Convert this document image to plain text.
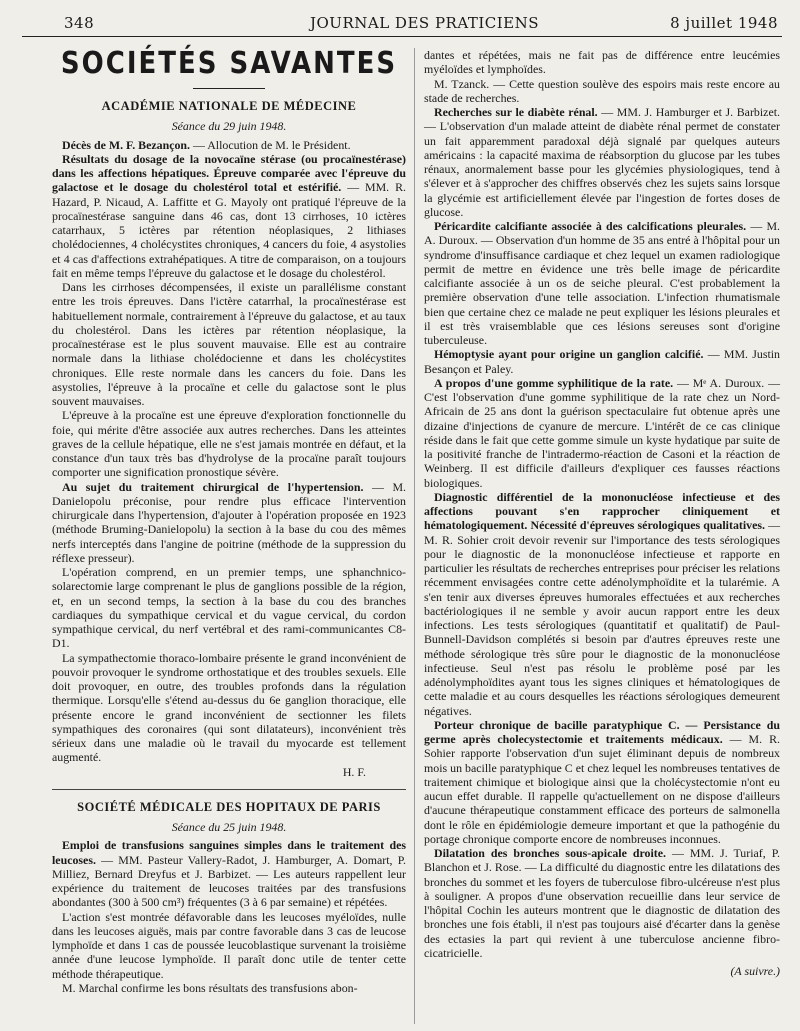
348	JOURNAL DES PRATICIENS	8 juillet 1948
SOCIÉTÉS SAVANTES
ACADÉMIE NATIONALE DE MÉDECINE
Séance du 29 juin 1948.

Décès de M. F. Bezançon. — Allocution de M. le Président.

Résultats du dosage de la novocaïne stérase (ou procaïnestérase) dans les affections hépatiques. Épreuve comparée avec l'épreuve du galactose et le dosage du cholestérol total et estérifié. — MM. R. Hazard, P. Nicaud, A. Laffitte et G. Mayoly ont pratiqué l'épreuve de la procaïnestérase sanguine dans 46 cas, dont 13 cirrhoses, 10 ictères catarrhaux, 5 ictères par rétention néoplasiques, 2 lithiases cholédociennes, 4 cholécystites chroniques, 4 cancers du foie, 4 asystolies et 4 cas d'affections extrahépatiques. A titre de comparaison, on a toujours fait en même temps l'épreuve du galactose et le dosage du cholestérol.

Dans les cirrhoses décompensées, il existe un parallélisme constant entre les trois épreuves. Dans l'ictère catarrhal, la procaïnestérase est habituellement normale, contrairement à l'épreuve du galactose, et au taux du cholestérol. Dans les ictères par rétention néoplasique, la procaïnestérase est le plus souvent mauvaise. Elle est au contraire normale dans la lithiase cholédocienne et dans les cholécystites chroniques. Elle reste normale dans les cancers du foie. Dans les asystolies, l'épreuve à la procaïne et celle du galactose sont le plus souvent mauvaises.

L'épreuve à la procaïne est une épreuve d'exploration fonctionnelle du foie, qui mérite d'être associée aux autres recherches. Dans les atteintes graves de la cellule hépatique, elle ne s'est jamais montrée en défaut, et la constance d'un taux très bas d'hydrolyse de la procaïne paraît toujours comporter une signification pronostique sévère.

Au sujet du traitement chirurgical de l'hypertension. — M. Danielopolu préconise, pour rendre plus efficace l'intervention chirurgicale dans l'hypertension, d'ajouter à l'opération proposée en 1923 (méthode Bruming-Danielopolu) la section à la base du cou des mêmes nerfs interceptés dans l'angine de poitrine (méthode de la suppression du réflexe presseur).

L'opération comprend, en un premier temps, une sphanchnico-solarectomie large comprenant le plus de ganglions possible de la région, et, en un second temps, la section à la base du cou des branches cardiaques du sympathique cervical et du vague cervical, du cordon sympathique cervical, du nerf vertébral et des rami-communicantes C8-D1.

La sympathectomie thoraco-lombaire présente le grand inconvénient de pouvoir provoquer le syndrome orthostatique et des troubles sexuels. Elle doit provoquer, en outre, des troubles profonds dans la régulation thermique. Lorsqu'elle s'étend au-dessus du 6e ganglion thoracique, elle présente encore le grand inconvénient de sectionner les filets sympathiques des coronaires (qui sont dilatateurs), inconvénient très sérieux dans une maladie où le travail du myocarde est tellement augmenté.

H. F.
SOCIÉTÉ MÉDICALE DES HOPITAUX DE PARIS
Séance du 25 juin 1948.

Emploi de transfusions sanguines simples dans le traitement des leucoses. — MM. Pasteur Vallery-Radot, J. Hamburger, A. Domart, P. Milliez, Bernard Dreyfus et J. Barbizet. — Les auteurs rappellent leur expérience du traitement de leucoses traitées par des transfusions abondantes (300 à 500 cm³) fréquentes (3 à 6 par semaine) et répétées.

L'action s'est montrée défavorable dans les leucoses myéloïdes, nulle dans les leucoses aiguës, mais par contre favorable dans 3 cas de leucose lymphoïde et dans 1 cas de poussée leucoblastique survenant la troisième année d'une leucose lymphoïde. Il paraît donc utile de tenter cette méthode thérapeutique.

M. Marchal confirme les bons résultats des transfusions abon-

dantes et répétées, mais ne fait pas de différence entre leucémies myéloïdes et lymphoïdes.

M. Tzanck. — Cette question soulève des espoirs mais reste encore au stade de recherches.

Recherches sur le diabète rénal. — MM. J. Hamburger et J. Barbizet. — L'observation d'un malade atteint de diabète rénal permet de constater un fait apparemment paradoxal déjà signalé par quelques auteurs américains : la capacité maxima de réabsorption du glucose par les tubes rénaux, anormalement basse pour les glycémies physiologiques, tend à s'élever et à s'approcher des chiffres observés chez les sujets sains lorsque la glycémie est artificiellement élevée par l'ingestion de fortes doses de glucose.

Péricardite calcifiante associée à des calcifications pleurales. — M. A. Duroux. — Observation d'un homme de 35 ans entré à l'hôpital pour un syndrome d'insuffisance cardiaque et chez lequel un examen radiologique permit de mettre en évidence une très belle image de péricardite calcifiante associée à un os de seiche pleural. C'est probablement la première observation d'une telle association. L'infection rhumatismale bien que certaine chez ce malade ne peut expliquer les lésions pleurales et il est très vraisemblable que ces lésions sereuses sont d'origine tuberculeuse.

Hémoptysie ayant pour origine un ganglion calcifié. — MM. Justin Besançon et Paley.

A propos d'une gomme syphilitique de la rate. — Mᵉ A. Duroux. — C'est l'observation d'une gomme syphilitique de la rate chez un Nord-Africain de 25 ans dont la guérison spectaculaire fut obtenue après une dizaine d'injections de cyanure de mercure. L'intérêt de ce cas clinique réside dans le fait que cette gomme simule un kyste hydatique par suite de la positivité franche de l'intradermo-réaction de Casoni et la réaction de Weinberg. Il est difficile d'ailleurs d'expliquer ces fausses réactions biologiques.

Diagnostic différentiel de la mononucléose infectieuse et des affections pouvant s'en rapprocher cliniquement et hématologiquement. Nécessité d'épreuves sérologiques qualitatives. — M. R. Sohier croit devoir revenir sur l'importance des tests sérologiques pour le diagnostic de la mononucléose infectieuse et rapporte en particulier les résultats de recherches entreprises pour préciser les relations récemment envisagées contre cette adénolymphoïdite et la tularémie. A s'en tenir aux diverses épreuves humorales effectuées et aux recherches bactériologiques il ne semble y avoir aucun rapport entre les deux infections. Les tests sérologiques (quantitatif et qualitatif) de Paul-Bunnell-Davidson complétés si besoin par d'autres épreuves reste une méthode sérologique très sûre pour le diagnostic de la mononucléose infectieuse. Seul n'est pas résolu le problème posé par les adénolymphoïdites ayant tous les signes cliniques et hématologiques de cette maladie et au cours desquelles les réactions sérologiques demeurent négatives.

Porteur chronique de bacille paratyphique C. — Persistance du germe après cholecystectomie et traitements médicaux. — M. R. Sohier rapporte l'observation d'un sujet éliminant depuis de nombreux mois un bacille paratyphique C et chez lequel les nombreuses tentatives de traitement chimique et biologique ainsi que la cholécystectomie n'ont eu aucun effet durable. Il rappelle qu'actuellement on ne dispose d'ailleurs d'aucune thérapeutique constamment efficace des porteurs de salmonella dont le rôle en épidémiologie demeure important et que la pathogénie du portage chronique comporte encore de nombreuses inconnues.

Dilatation des bronches sous-apicale droite. — MM. J. Turiaf, P. Blanchon et J. Rose. — La difficulté du diagnostic entre les dilatations des bronches du sommet et les foyers de tuberculose fibro-ulcéreuse n'est plus à souligner. A propos d'une observation recueillie dans leur service de l'hôpital Cochin les auteurs montrent que le diagnostic de dilatation des bronches une fois établi, il n'est pas toujours aisé d'écarter dans la genèse des ectasies la part qui revient à une tuberculose ancienne fibro-cicatricielle.

(A suivre.)
